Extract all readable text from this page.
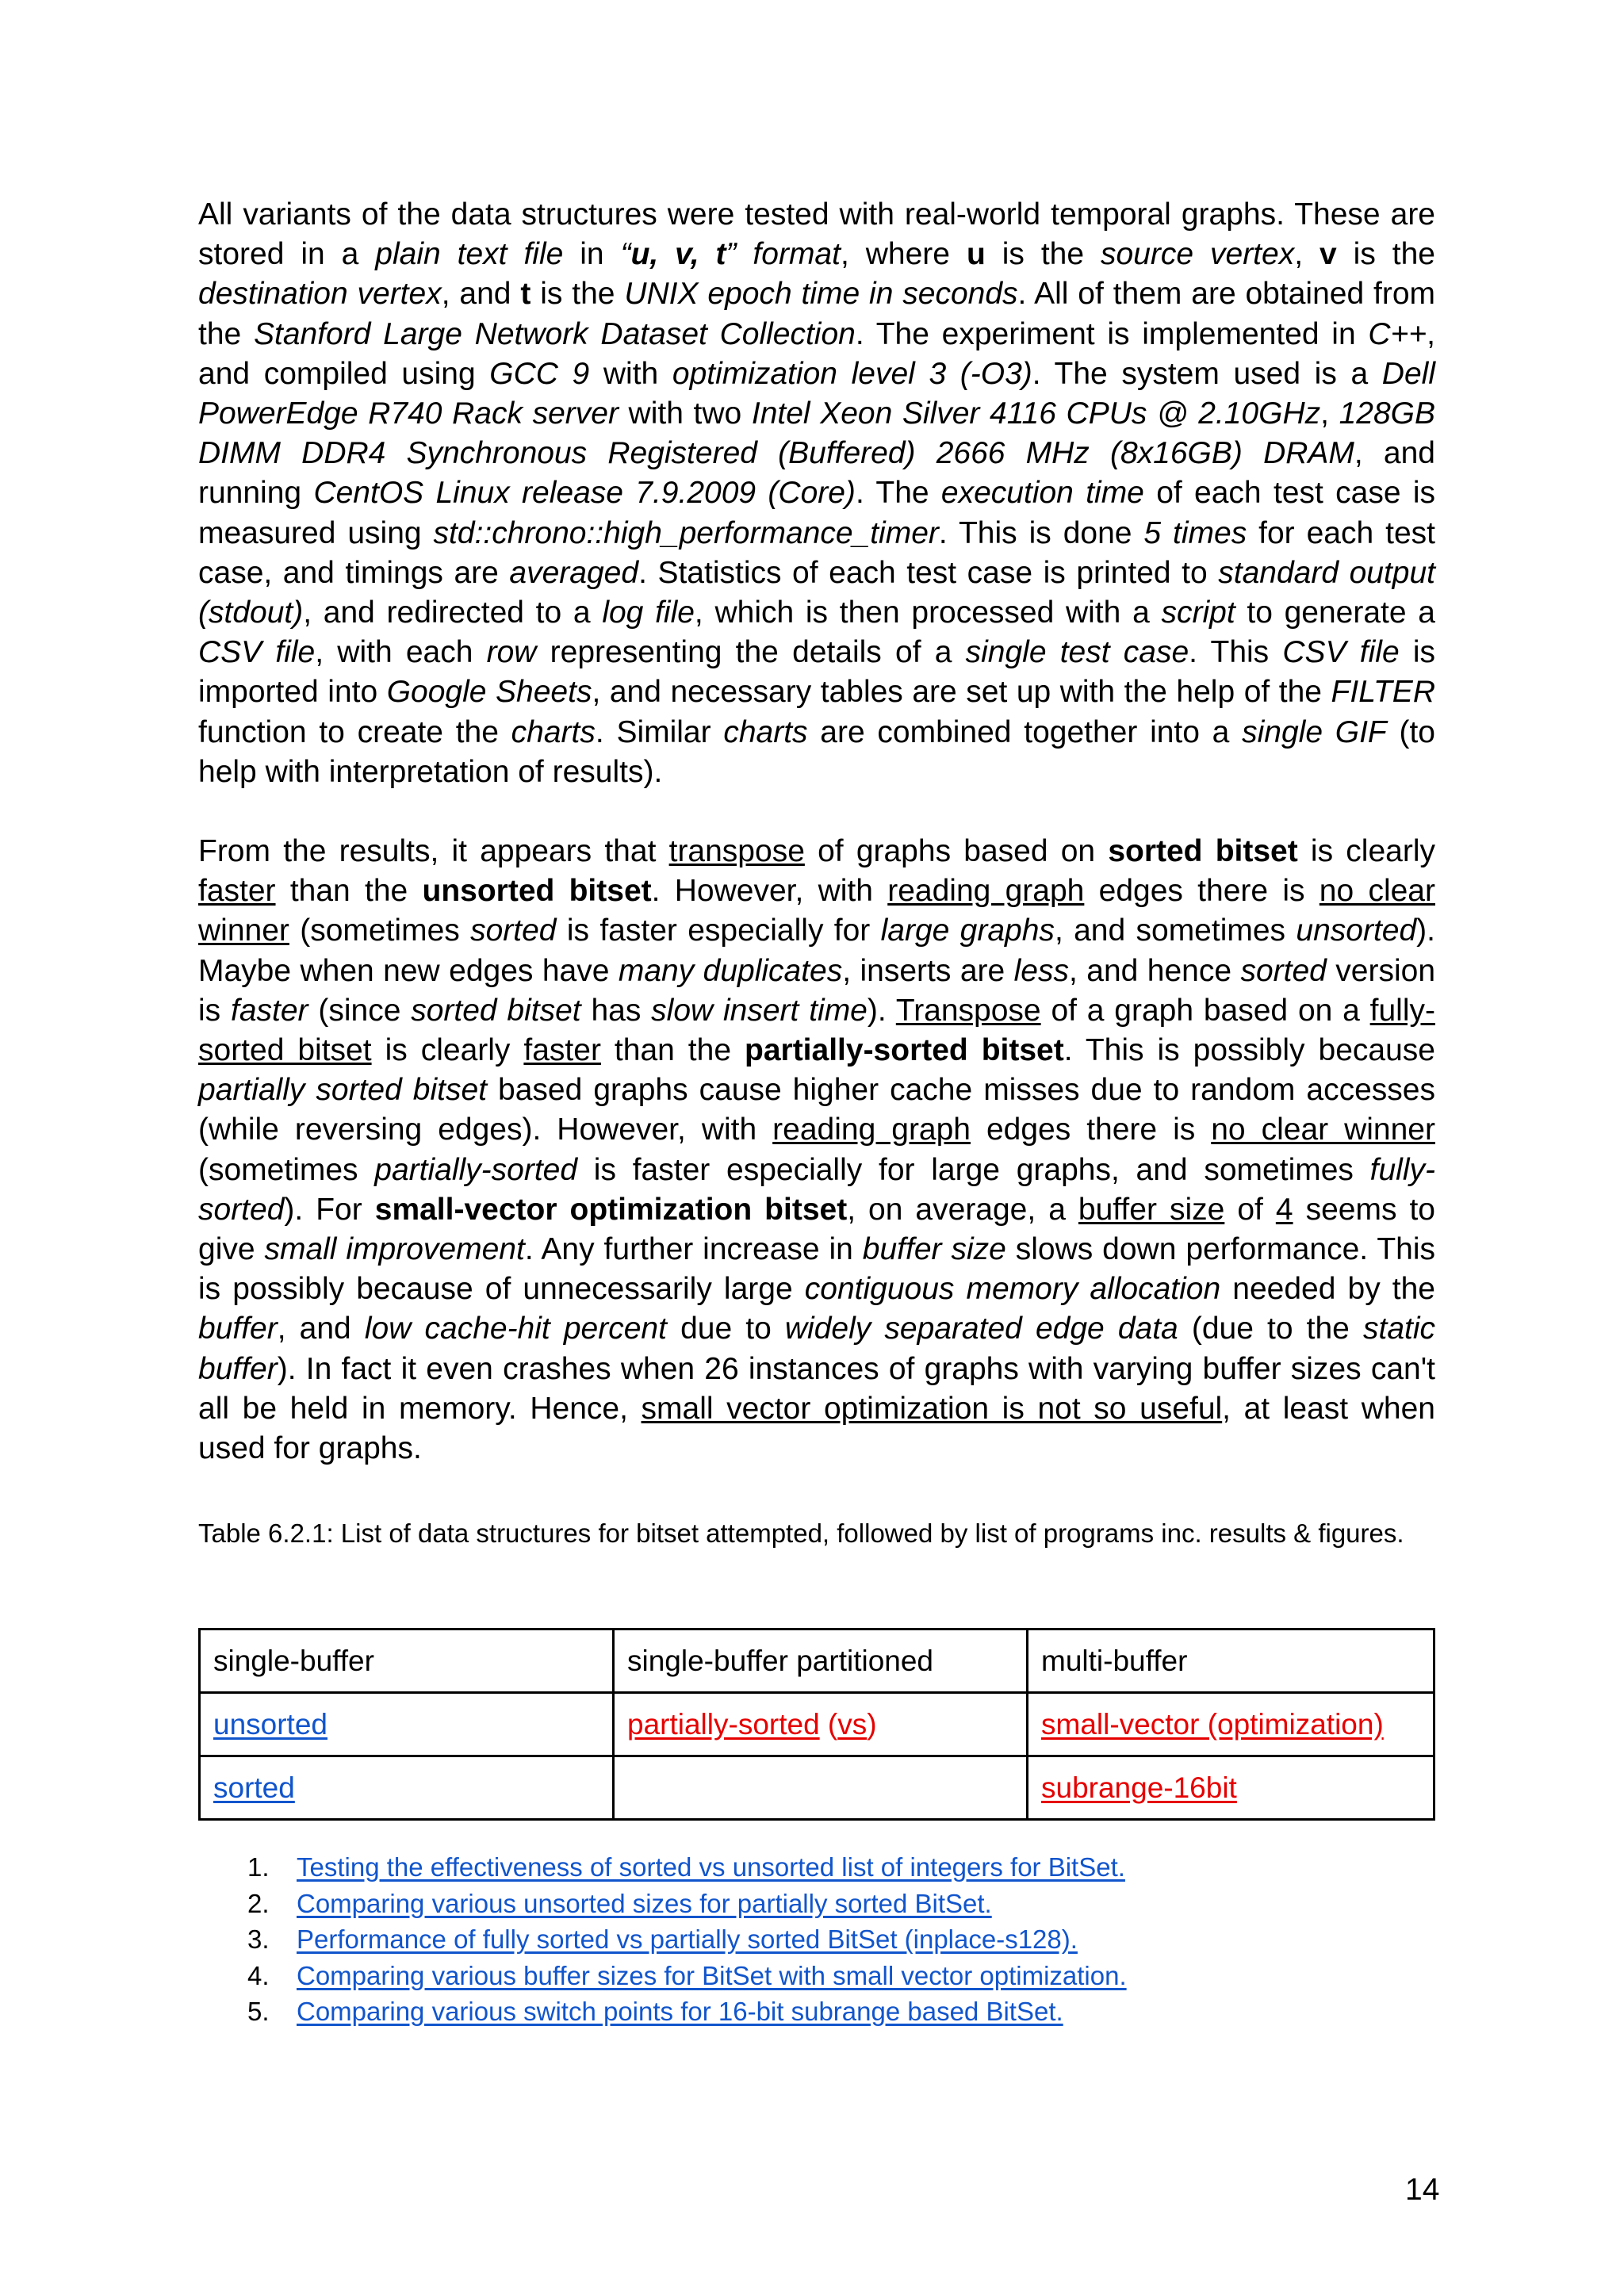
All variants of the data structures were tested with real-world temporal graphs. These are stored in a plain text file in “u, v, t” format, where u is the source vertex, v is the destination vertex, and t is the UNIX epoch time in seconds. All of them are obtained from the Stanford Large Network Dataset Collection. The experiment is implemented in C++, and compiled using GCC 9 with optimization level 3 (-O3). The system used is a Dell PowerEdge R740 Rack server with two Intel Xeon Silver 4116 CPUs @ 2.10GHz, 128GB DIMM DDR4 Synchronous Registered (Buffered) 2666 MHz (8x16GB) DRAM, and running CentOS Linux release 7.9.2009 (Core). The execution time of each test case is measured using std::chrono::high_performance_timer. This is done 5 times for each test case, and timings are averaged. Statistics of each test case is printed to standard output (stdout), and redirected to a log file, which is then processed with a script to generate a CSV file, with each row representing the details of a single test case. This CSV file is imported into Google Sheets, and necessary tables are set up with the help of the FILTER function to create the charts. Similar charts are combined together into a single GIF (to help with interpretation of results).

From the results, it appears that transpose of graphs based on sorted bitset is clearly faster than the unsorted bitset. However, with reading graph edges there is no clear winner (sometimes sorted is faster especially for large graphs, and sometimes unsorted). Maybe when new edges have many duplicates, inserts are less, and hence sorted version is faster (since sorted bitset has slow insert time). Transpose of a graph based on a fully-sorted bitset is clearly faster than the partially-sorted bitset. This is possibly because partially sorted bitset based graphs cause higher cache misses due to random accesses (while reversing edges). However, with reading graph edges there is no clear winner (sometimes partially-sorted is faster especially for large graphs, and sometimes fully-sorted). For small-vector optimization bitset, on average, a buffer size of 4 seems to give small improvement. Any further increase in buffer size slows down performance. This is possibly because of unnecessarily large contiguous memory allocation needed by the buffer, and low cache-hit percent due to widely separated edge data (due to the static buffer). In fact it even crashes when 26 instances of graphs with varying buffer sizes can't all be held in memory. Hence, small vector optimization is not so useful, at least when used for graphs.

Table 6.2.1: List of data structures for bitset attempted, followed by list of programs inc. results & figures.

single-buffer	single-buffer partitioned	multi-buffer
unsorted	partially-sorted (vs)	small-vector (optimization)
sorted		subrange-16bit
1. Testing the effectiveness of sorted vs unsorted list of integers for BitSet.
2. Comparing various unsorted sizes for partially sorted BitSet.
3. Performance of fully sorted vs partially sorted BitSet (inplace-s128).
4. Comparing various buffer sizes for BitSet with small vector optimization.
5. Comparing various switch points for 16-bit subrange based BitSet.
14
